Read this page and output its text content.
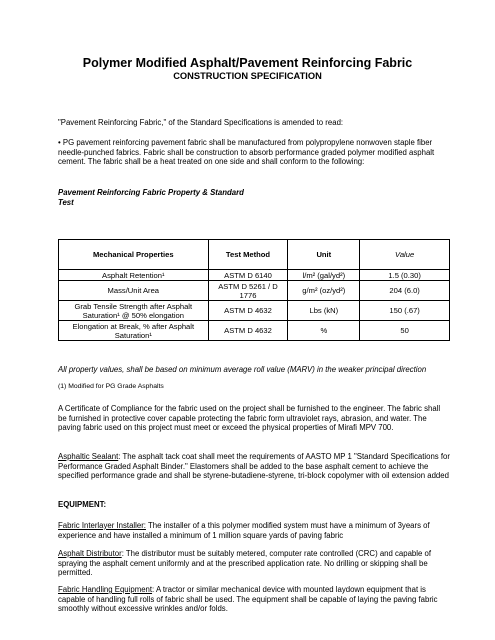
Polymer Modified Asphalt/Pavement Reinforcing Fabric
CONSTRUCTION SPECIFICATION
"Pavement Reinforcing Fabric," of the Standard Specifications is amended to read:
• PG pavement reinforcing pavement fabric shall be manufactured from polypropylene nonwoven staple fiber needle-punched fabrics. Fabric shall be construction to absorb performance graded polymer modified asphalt cement. The fabric shall be a heat treated on one side and shall conform to the following:
Pavement Reinforcing Fabric Property & Standard Test
Mechanical Properties	Test Method	Unit	Value
Asphalt Retention¹	ASTM D 6140	l/m² (gal/yd²)	1.5 (0.30)
Mass/Unit Area	ASTM D 5261 / D 1776	g/m² (oz/yd²)	204 (6.0)
Grab Tensile Strength after Asphalt Saturation¹ @ 50% elongation	ASTM D 4632	Lbs (kN)	150 (.67)
Elongation at Break, % after Asphalt Saturation¹	ASTM D 4632	%	50
All property values, shall be based on minimum average roll value (MARV) in the weaker principal direction
(1) Modified for PG Grade Asphalts
A Certificate of Compliance for the fabric used on the project shall be furnished to the engineer. The fabric shall be furnished in protective cover capable protecting the fabric form ultraviolet rays, abrasion, and water. The paving fabric used on this project must meet or exceed the physical properties of Mirafi MPV 700.
Asphaltic Sealant: The asphalt tack coat shall meet the requirements of AASTO MP 1 "Standard Specifications for Performance Graded Asphalt Binder." Elastomers shall be added to the base asphalt cement to achieve the specified performance grade and shall be styrene-butadiene-styrene, tri-block copolymer with oil extension added
EQUIPMENT:
Fabric Interlayer Installer: The installer of a this polymer modified system must have a minimum of 3years of experience and have installed a minimum of 1 million square yards of paving fabric
Asphalt Distributor: The distributor must be suitably metered, computer rate controlled (CRC) and capable of spraying the asphalt cement uniformly and at the prescribed application rate. No drilling or skipping shall be permitted.
Fabric Handling Equipment: A tractor or similar mechanical device with mounted laydown equipment that is capable of handling full rolls of fabric shall be used. The equipment shall be capable of laying the paving fabric smoothly without excessive wrinkles and/or folds.
